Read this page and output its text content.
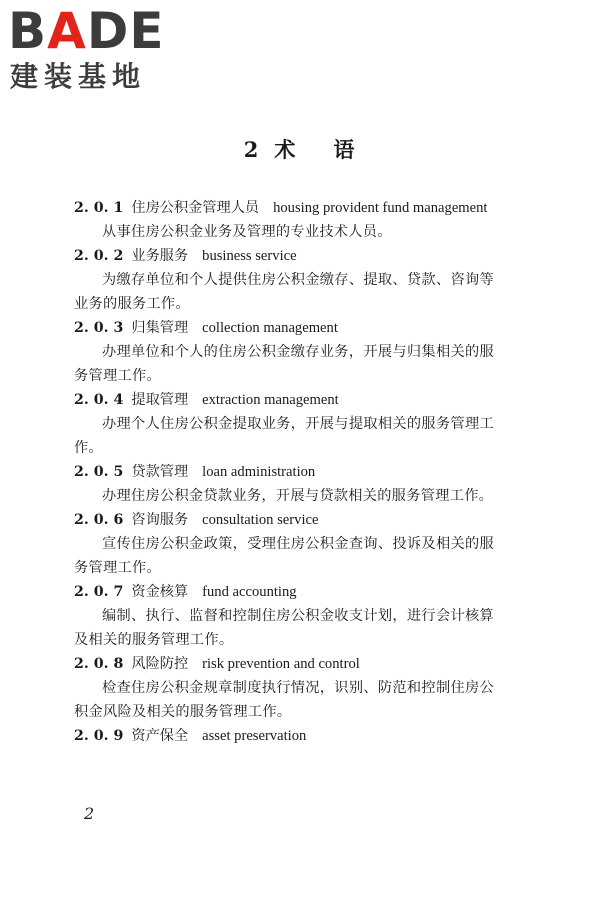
BADE
建装基地
2 术 语
2. 0. 1 住房公积金管理人员 housing provident fund management
从事住房公积金业务及管理的专业技术人员。
2. 0. 2 业务服务 business service
为缴存单位和个人提供住房公积金缴存、提取、贷款、咨询等业务的服务工作。
2. 0. 3 归集管理 collection management
办理单位和个人的住房公积金缴存业务，开展与归集相关的服务管理工作。
2. 0. 4 提取管理 extraction management
办理个人住房公积金提取业务，开展与提取相关的服务管理工作。
2. 0. 5 贷款管理 loan administration
办理住房公积金贷款业务，开展与贷款相关的服务管理工作。
2. 0. 6 咨询服务 consultation service
宣传住房公积金政策，受理住房公积金查询、投诉及相关的服务管理工作。
2. 0. 7 资金核算 fund accounting
编制、执行、监督和控制住房公积金收支计划，进行会计核算及相关的服务管理工作。
2. 0. 8 风险防控 risk prevention and control
检查住房公积金规章制度执行情况，识别、防范和控制住房公积金风险及相关的服务管理工作。
2. 0. 9 资产保全 asset preservation
2
